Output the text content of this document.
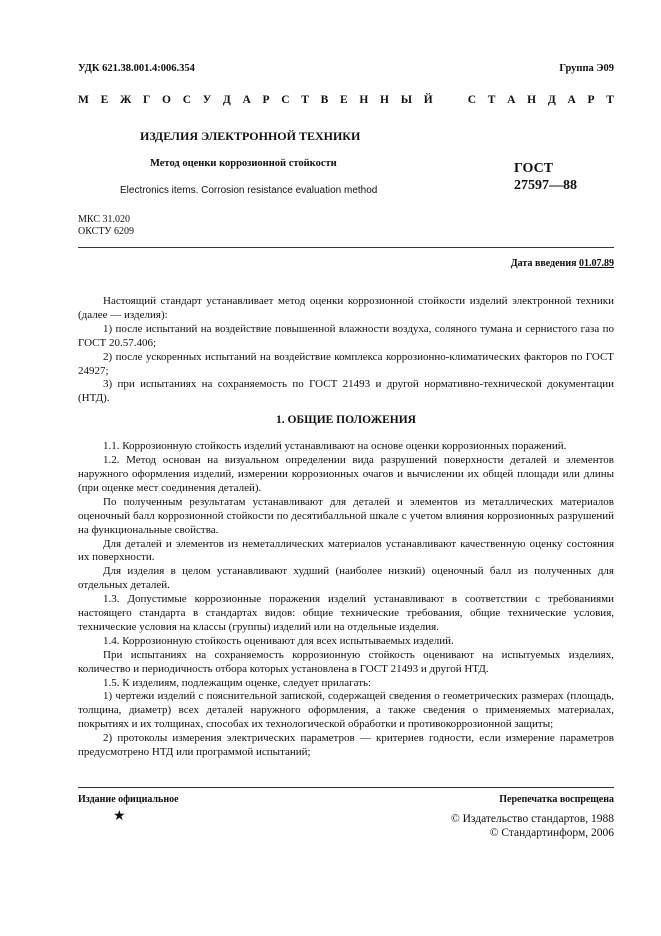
УДК 621.38.001.4:006.354	Группа Э09
М Е Ж Г О С У Д А Р С Т В Е Н Н Ы Й	С Т А Н Д А Р Т
ИЗДЕЛИЯ ЭЛЕКТРОННОЙ ТЕХНИКИ
Метод оценки коррозионной стойкости
Electronics items. Corrosion resistance evaluation method
ГОСТ
27597—88
МКС 31.020
ОКСТУ 6209
Дата введения 01.07.89

Настоящий стандарт устанавливает метод оценки коррозионной стойкости изделий электронной техники (далее — изделия):

1) после испытаний на воздействие повышенной влажности воздуха, соляного тумана и сернистого газа по ГОСТ 20.57.406;

2) после ускоренных испытаний на воздействие комплекса коррозионно-климатических факторов по ГОСТ 24927;

3) при испытаниях на сохраняемость по ГОСТ 21493 и другой нормативно-технической документации (НТД).

1. ОБЩИЕ ПОЛОЖЕНИЯ

1.1. Коррозионную стойкость изделий устанавливают на основе оценки коррозионных поражений.

1.2. Метод основан на визуальном определении вида разрушений поверхности деталей и элементов наружного оформления изделий, измерении коррозионных очагов и вычислении их общей площади или длины (при оценке мест соединения деталей).

По полученным результатам устанавливают для деталей и элементов из металлических материалов оценочный балл коррозионной стойкости по десятибалльной шкале с учетом влияния коррозионных разрушений на функциональные свойства.

Для деталей и элементов из неметаллических материалов устанавливают качественную оценку состояния их поверхности.

Для изделия в целом устанавливают худший (наиболее низкий) оценочный балл из полученных для отдельных деталей.

1.3. Допустимые коррозионные поражения изделий устанавливают в соответствии с требованиями настоящего стандарта в стандартах видов: общие технические требования, общие технические условия, технические условия на классы (группы) изделий или на отдельные изделия.

1.4. Коррозионную стойкость оценивают для всех испытываемых изделий.

При испытаниях на сохраняемость коррозионную стойкость оценивают на испытуемых изделиях, количество и периодичность отбора которых установлена в ГОСТ 21493 и другой НТД.

1.5. К изделиям, подлежащим оценке, следует прилагать:

1) чертежи изделий с пояснительной запиской, содержащей сведения о геометрических размерах (площадь, толщина, диаметр) всех деталей наружного оформления, а также сведения о применяемых материалах, покрытиях и их толщинах, способах их технологической обработки и противокоррозионной защиты;

2) протоколы измерения электрических параметров — критериев годности, если измерение параметров предусмотрено НТД или программой испытаний;

Издание официальное	Перепечатка воспрещена
★	© Издательство стандартов, 1988
© Стандартинформ, 2006
